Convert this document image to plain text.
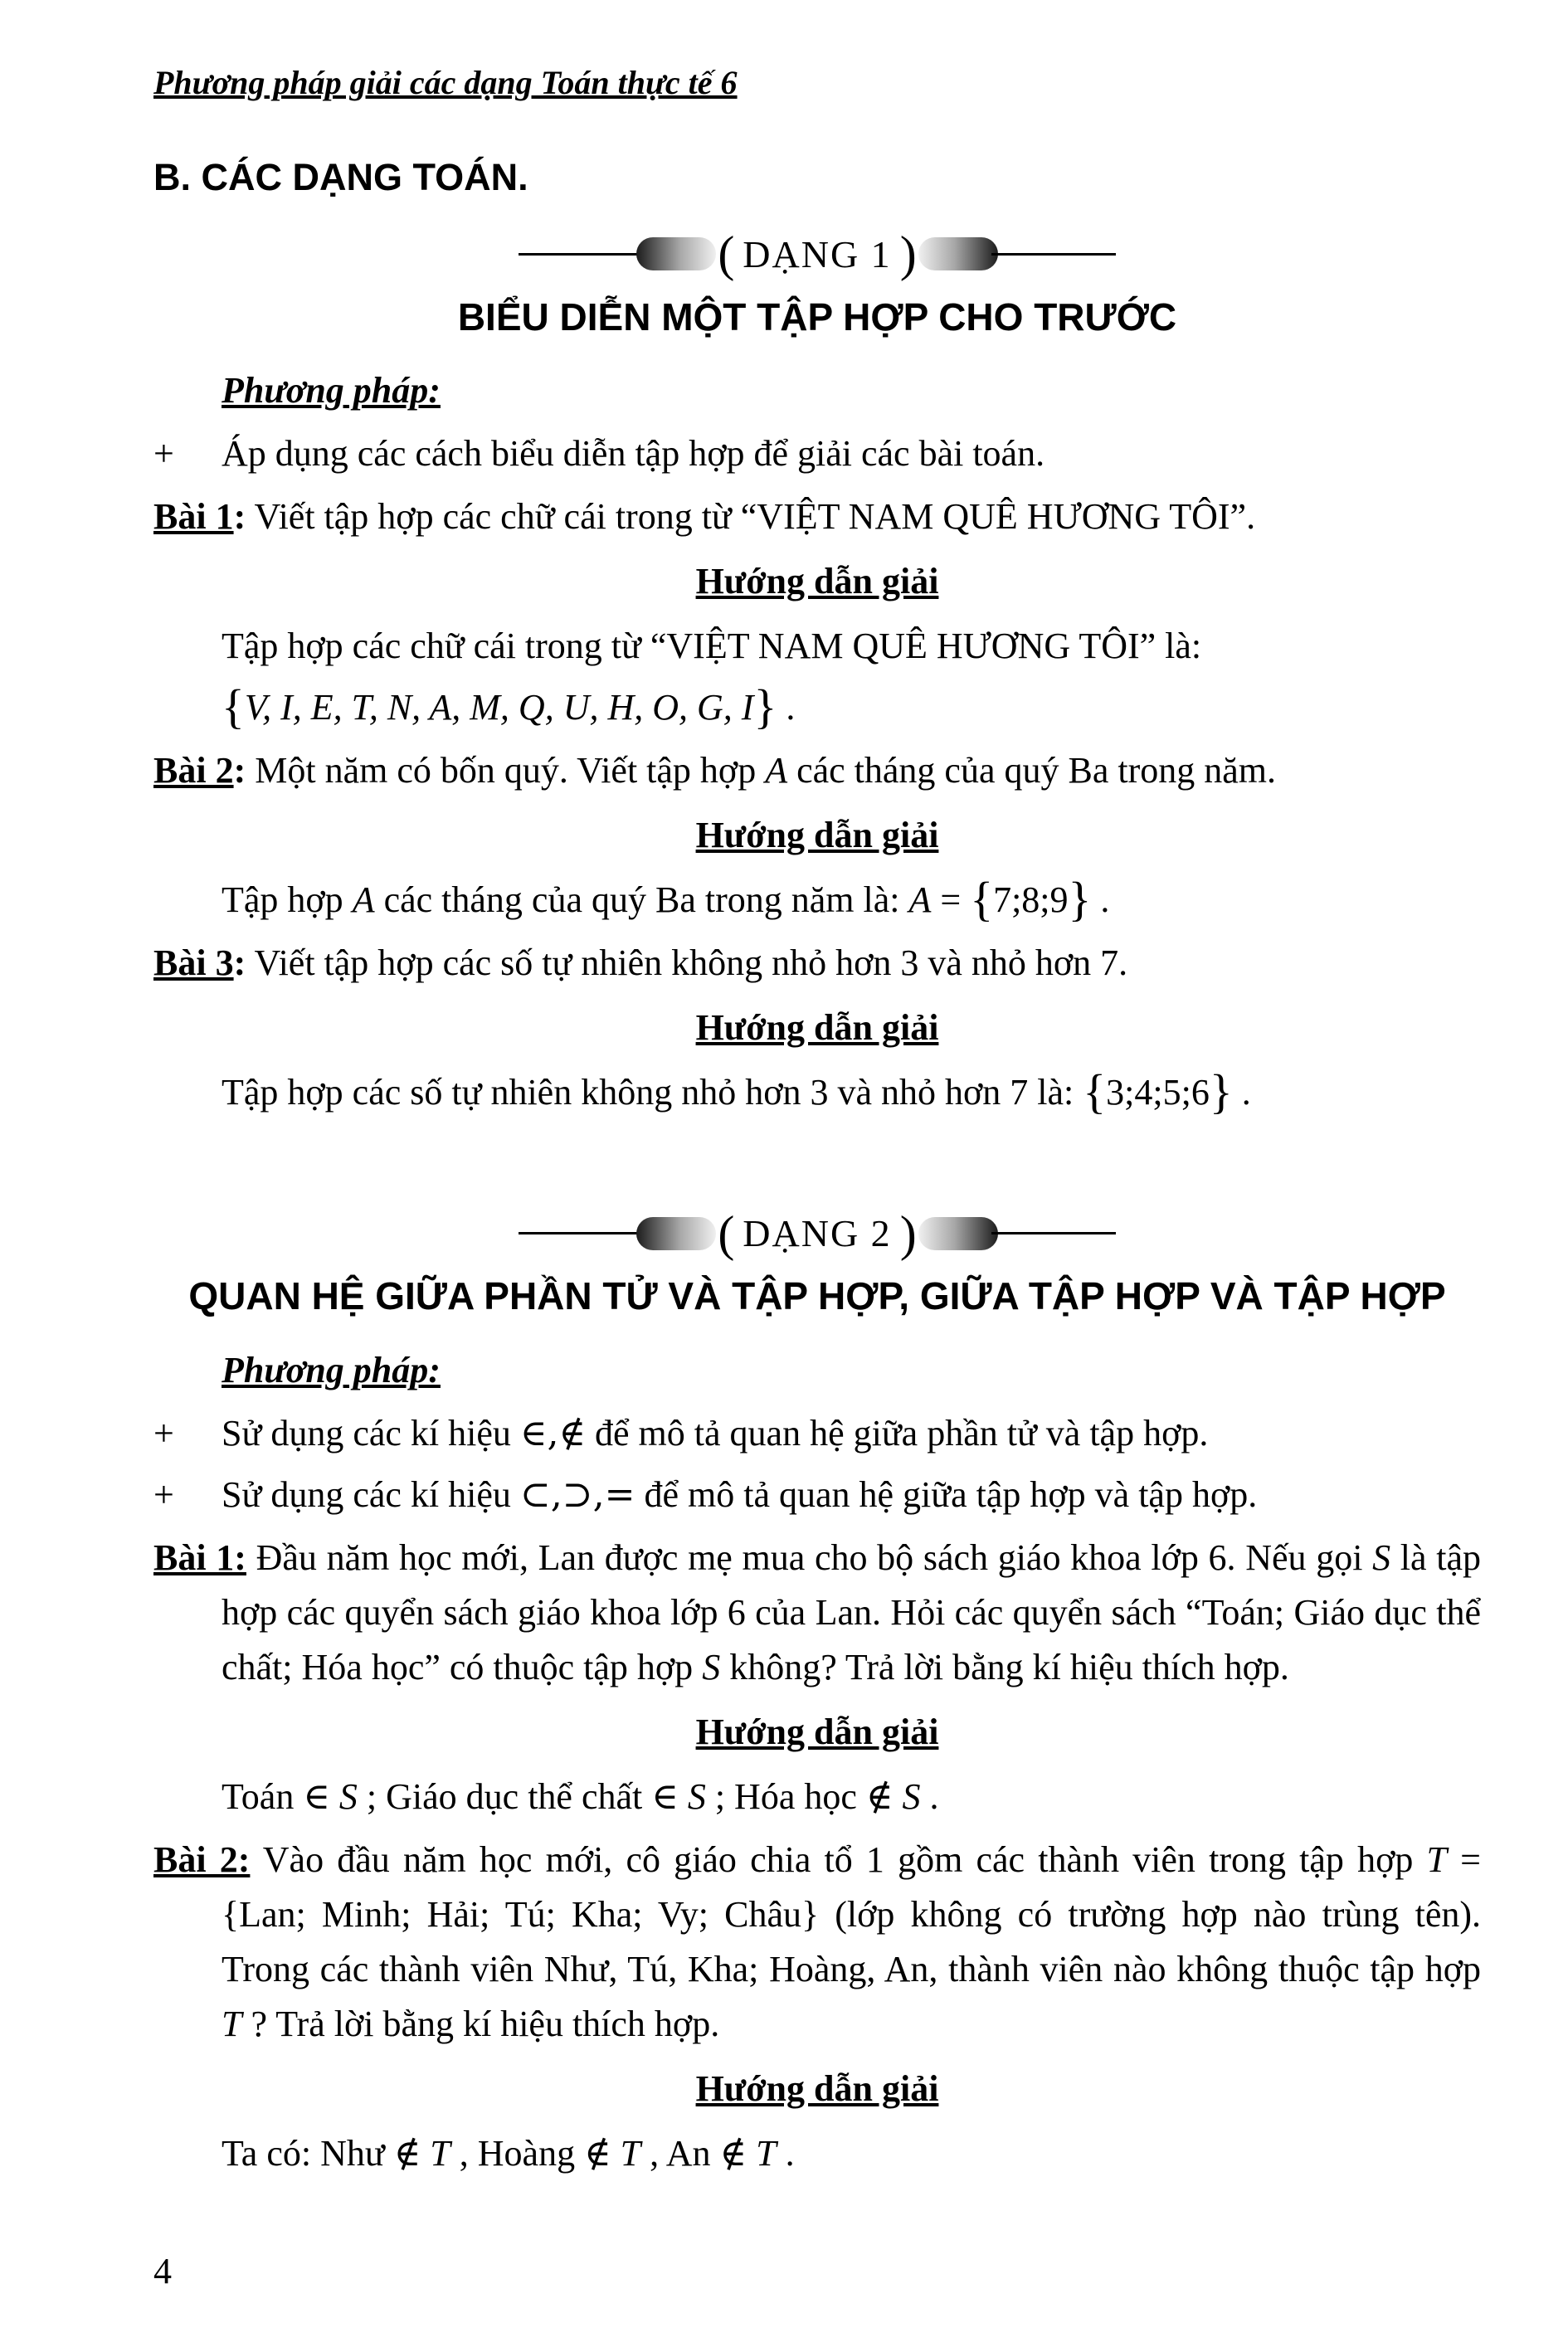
Phương pháp giải các dạng Toán thực tế 6
B. CÁC DẠNG TOÁN.
( DẠNG 1 )
BIỂU DIỄN MỘT TẬP HỢP CHO TRƯỚC
Phương pháp:
+	Áp dụng các cách biểu diễn tập hợp để giải các bài toán.
Bài 1: Viết tập hợp các chữ cái trong từ “VIỆT NAM QUÊ HƯƠNG TÔI”.
Hướng dẫn giải
Tập hợp các chữ cái trong từ “VIỆT NAM QUÊ HƯƠNG TÔI” là:
{V, I, E, T, N, A, M, Q, U, H, O, G, I} .
Bài 2: Một năm có bốn quý. Viết tập hợp A các tháng của quý Ba trong năm.
Hướng dẫn giải
Tập hợp A các tháng của quý Ba trong năm là: A = {7;8;9} .
Bài 3: Viết tập hợp các số tự nhiên không nhỏ hơn 3 và nhỏ hơn 7.
Hướng dẫn giải
Tập hợp các số tự nhiên không nhỏ hơn 3 và nhỏ hơn 7 là: {3;4;5;6} .
( DẠNG 2 )
QUAN HỆ GIỮA PHẦN TỬ VÀ TẬP HỢP, GIỮA TẬP HỢP VÀ TẬP HỢP
Phương pháp:
+	Sử dụng các kí hiệu ∈,∉ để mô tả quan hệ giữa phần tử và tập hợp.
+	Sử dụng các kí hiệu ⊂,⊃,= để mô tả quan hệ giữa tập hợp và tập hợp.
Bài 1: Đầu năm học mới, Lan được mẹ mua cho bộ sách giáo khoa lớp 6. Nếu gọi S là tập hợp các quyển sách giáo khoa lớp 6 của Lan. Hỏi các quyển sách “Toán; Giáo dục thể chất; Hóa học” có thuộc tập hợp S không? Trả lời bằng kí hiệu thích hợp.
Hướng dẫn giải
Toán ∈ S ; Giáo dục thể chất ∈ S ; Hóa học ∉ S .
Bài 2: Vào đầu năm học mới, cô giáo chia tổ 1 gồm các thành viên trong tập hợp T = {Lan; Minh; Hải; Tú; Kha; Vy; Châu} (lớp không có trường hợp nào trùng tên). Trong các thành viên Như, Tú, Kha; Hoàng, An, thành viên nào không thuộc tập hợp T ? Trả lời bằng kí hiệu thích hợp.
Hướng dẫn giải
Ta có: Như ∉ T , Hoàng ∉ T , An ∉ T .
4
